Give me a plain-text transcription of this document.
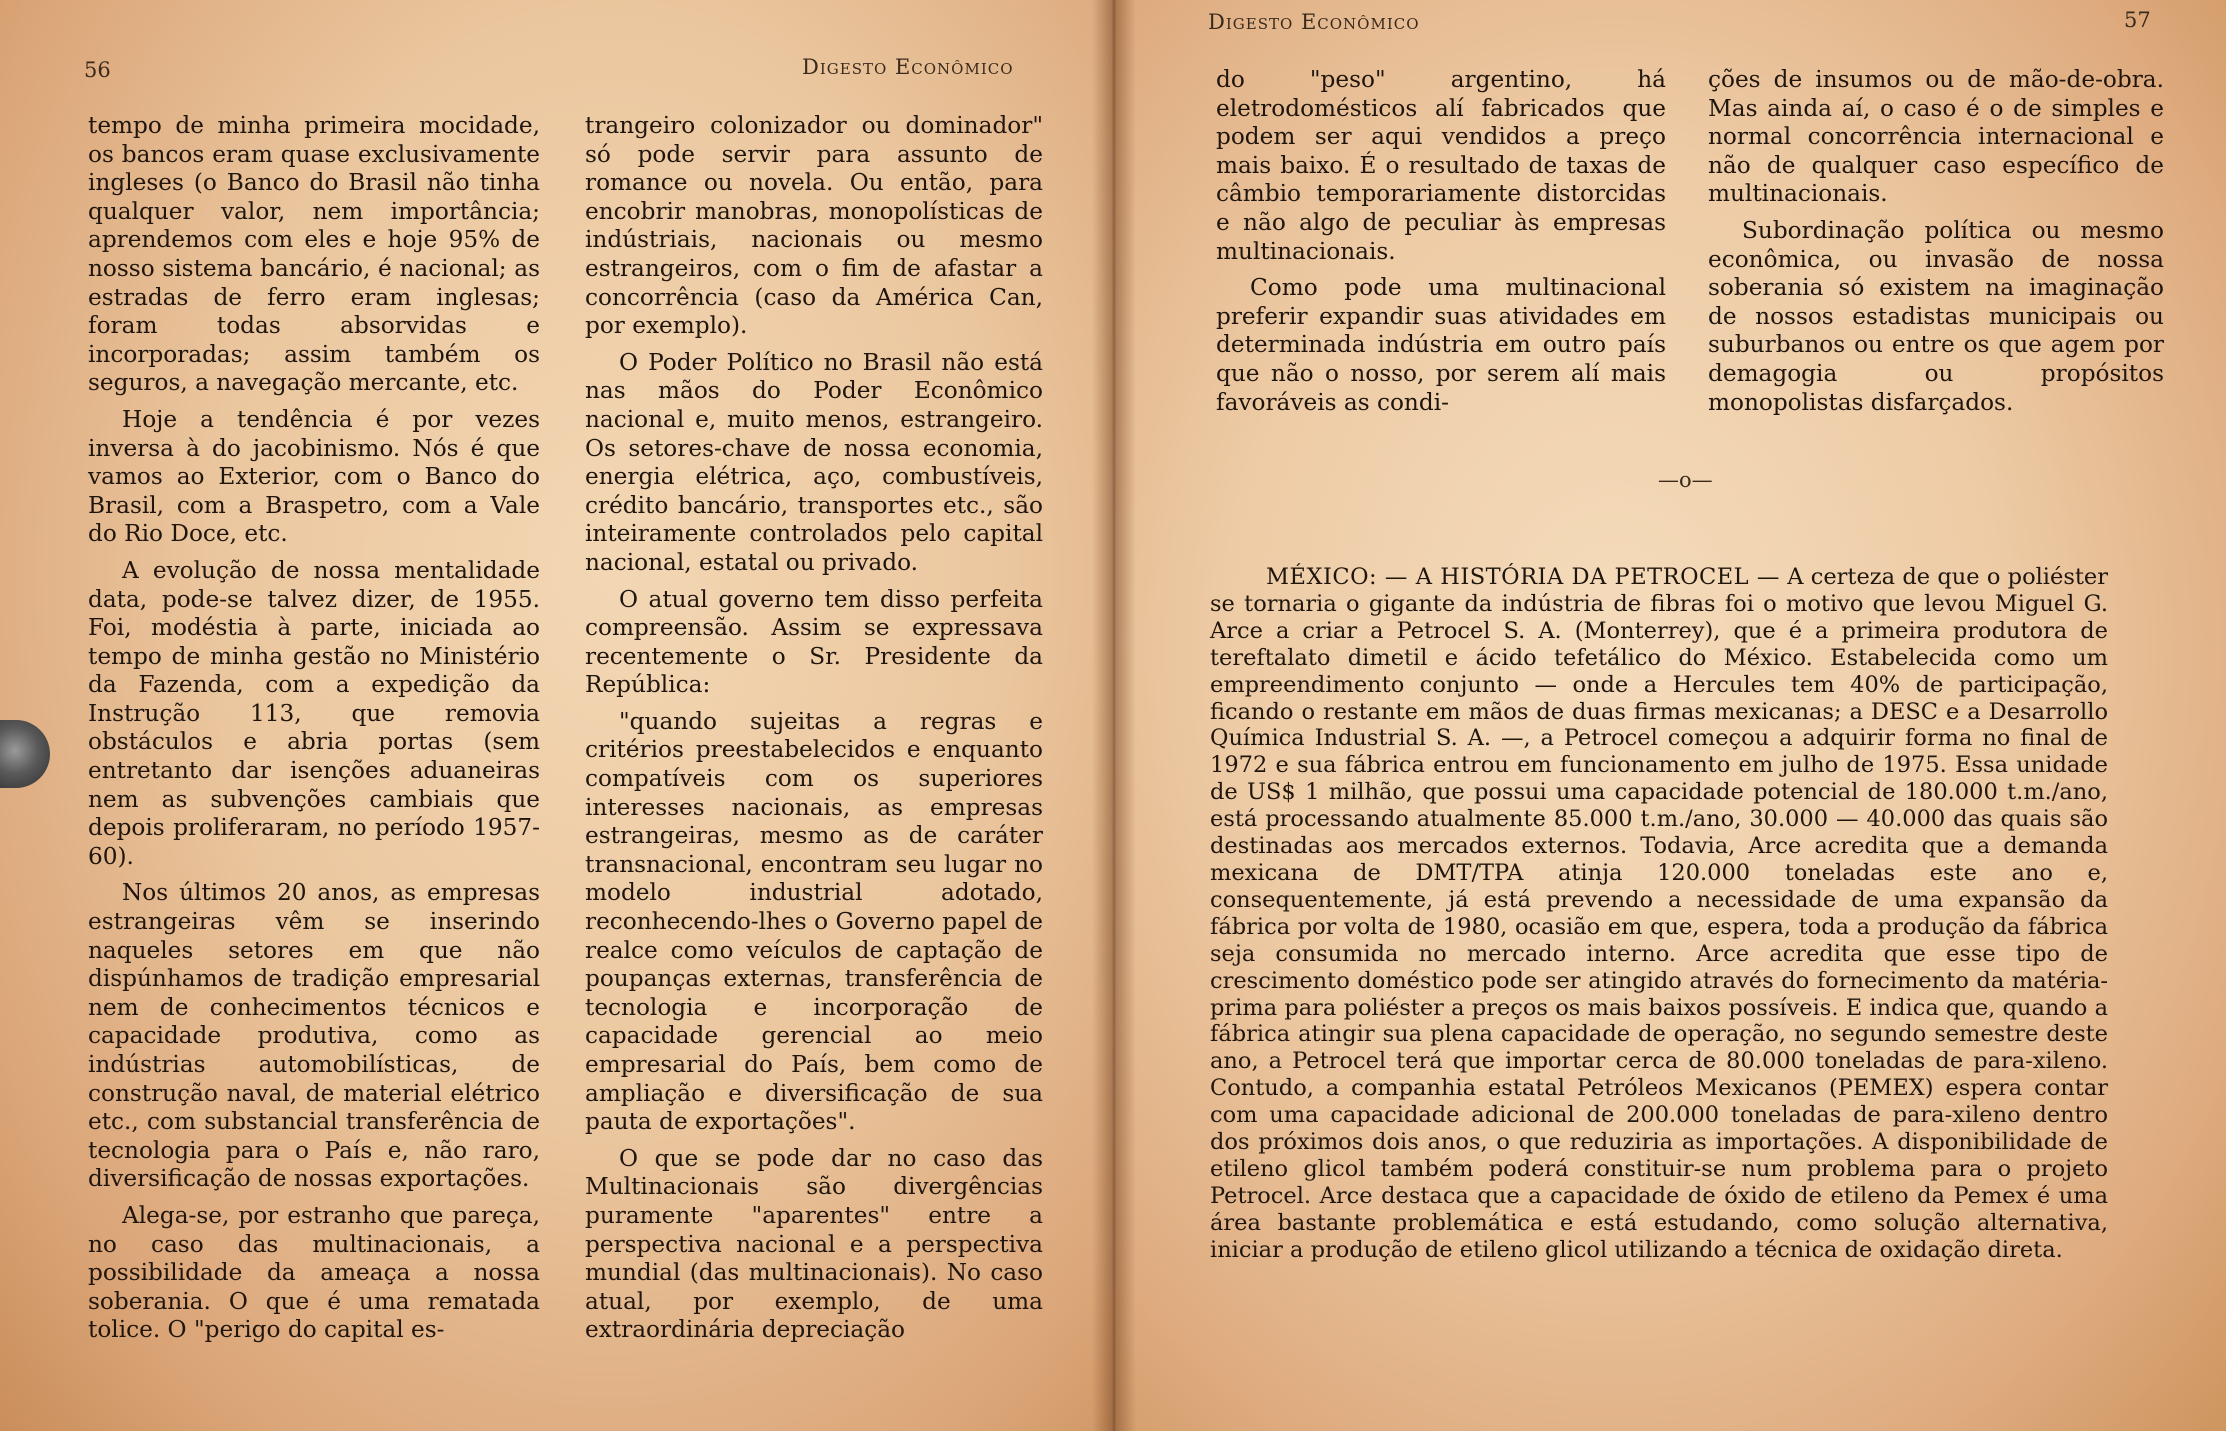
56	Digesto Econômico

tempo de minha primeira mocidade, os bancos eram quase exclusivamente ingleses (o Banco do Brasil não tinha qualquer valor, nem importância; aprendemos com eles e hoje 95% de nosso sistema bancário, é nacional; as estradas de ferro eram inglesas; foram todas absorvidas e incorporadas; assim também os seguros, a navegação mercante, etc.

Hoje a tendência é por vezes inversa à do jacobinismo. Nós é que vamos ao Exterior, com o Banco do Brasil, com a Braspetro, com a Vale do Rio Doce, etc.

A evolução de nossa mentalidade data, pode-se talvez dizer, de 1955. Foi, modéstia à parte, iniciada ao tempo de minha gestão no Ministério da Fazenda, com a expedição da Instrução 113, que removia obstáculos e abria portas (sem entretanto dar isenções aduaneiras nem as subvenções cambiais que depois proliferaram, no período 1957-60).

Nos últimos 20 anos, as empresas estrangeiras vêm se inserindo naqueles setores em que não dispúnhamos de tradição empresarial nem de conhecimentos técnicos e capacidade produtiva, como as indústrias automobilísticas, de construção naval, de material elétrico etc., com substancial transferência de tecnologia para o País e, não raro, diversificação de nossas exportações.

Alega-se, por estranho que pareça, no caso das multinacionais, a possibilidade da ameaça a nossa soberania. O que é uma rematada tolice. O "perigo do capital es-

trangeiro colonizador ou dominador" só pode servir para assunto de romance ou novela. Ou então, para encobrir manobras, monopolísticas de indústriais, nacionais ou mesmo estrangeiros, com o fim de afastar a concorrência (caso da América Can, por exemplo).

O Poder Político no Brasil não está nas mãos do Poder Econômico nacional e, muito menos, estrangeiro. Os setores-chave de nossa economia, energia elétrica, aço, combustíveis, crédito bancário, transportes etc., são inteiramente controlados pelo capital nacional, estatal ou privado.

O atual governo tem disso perfeita compreensão. Assim se expressava recentemente o Sr. Presidente da República:

"quando sujeitas a regras e critérios preestabelecidos e enquanto compatíveis com os superiores interesses nacionais, as empresas estrangeiras, mesmo as de caráter transnacional, encontram seu lugar no modelo industrial adotado, reconhecendo-lhes o Governo papel de realce como veículos de captação de poupanças externas, transferência de tecnologia e incorporação de capacidade gerencial ao meio empresarial do País, bem como de ampliação e diversificação de sua pauta de exportações".

O que se pode dar no caso das Multinacionais são divergências puramente "aparentes" entre a perspectiva nacional e a perspectiva mundial (das multinacionais). No caso atual, por exemplo, de uma extraordinária depreciação

Digesto Econômico	57

do "peso" argentino, há eletrodomésticos alí fabricados que podem ser aqui vendidos a preço mais baixo. É o resultado de taxas de câmbio temporariamente distorcidas e não algo de peculiar às empresas multinacionais.

Como pode uma multinacional preferir expandir suas atividades em determinada indústria em outro país que não o nosso, por serem alí mais favoráveis as condi-

ções de insumos ou de mão-de-obra. Mas ainda aí, o caso é o de simples e normal concorrência internacional e não de qualquer caso específico de multinacionais.

Subordinação política ou mesmo econômica, ou invasão de nossa soberania só existem na imaginação de nossos estadistas municipais ou suburbanos ou entre os que agem por demagogia ou propósitos monopolistas disfarçados.

—o—

MÉXICO: — A HISTÓRIA DA PETROCEL — A certeza de que o poliéster se tornaria o gigante da indústria de fibras foi o motivo que levou Miguel G. Arce a criar a Petrocel S. A. (Monterrey), que é a primeira produtora de tereftalato dimetil e ácido tefetálico do México. Estabelecida como um empreendimento conjunto — onde a Hercules tem 40% de participação, ficando o restante em mãos de duas firmas mexicanas; a DESC e a Desarrollo Química Industrial S. A. —, a Petrocel começou a adquirir forma no final de 1972 e sua fábrica entrou em funcionamento em julho de 1975. Essa unidade de US$ 1 milhão, que possui uma capacidade potencial de 180.000 t.m./ano, está processando atualmente 85.000 t.m./ano, 30.000 — 40.000 das quais são destinadas aos mercados externos. Todavia, Arce acredita que a demanda mexicana de DMT/TPA atinja 120.000 toneladas este ano e, consequentemente, já está prevendo a necessidade de uma expansão da fábrica por volta de 1980, ocasião em que, espera, toda a produção da fábrica seja consumida no mercado interno. Arce acredita que esse tipo de crescimento doméstico pode ser atingido através do fornecimento da matéria-prima para poliéster a preços os mais baixos possíveis. E indica que, quando a fábrica atingir sua plena capacidade de operação, no segundo semestre deste ano, a Petrocel terá que importar cerca de 80.000 toneladas de para-xileno. Contudo, a companhia estatal Petróleos Mexicanos (PEMEX) espera contar com uma capacidade adicional de 200.000 toneladas de para-xileno dentro dos próximos dois anos, o que reduziria as importações. A disponibilidade de etileno glicol também poderá constituir-se num problema para o projeto Petrocel. Arce destaca que a capacidade de óxido de etileno da Pemex é uma área bastante problemática e está estudando, como solução alternativa, iniciar a produção de etileno glicol utilizando a técnica de oxidação direta.
